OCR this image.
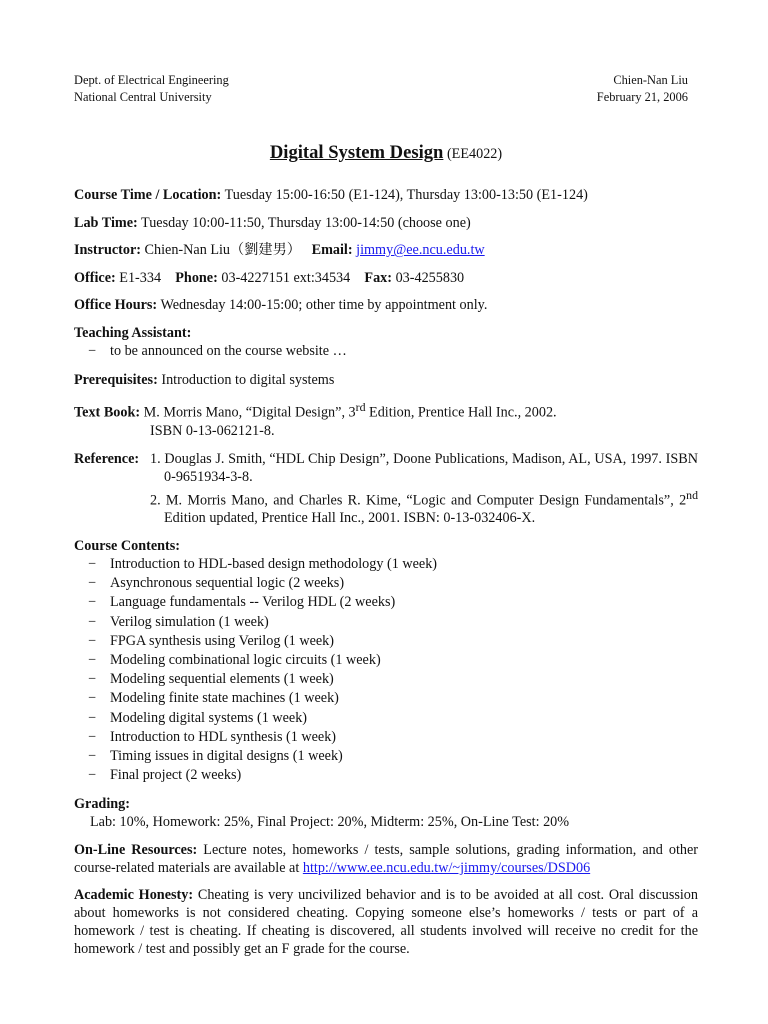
Dept. of Electrical Engineering
National Central University
Chien-Nan Liu
February 21, 2006
Digital System Design (EE4022)

Course Time / Location: Tuesday 15:00-16:50 (E1-124), Thursday 13:00-13:50 (E1-124)

Lab Time: Tuesday 10:00-11:50, Thursday 13:00-14:50 (choose one)

Instructor: Chien-Nan Liu（劉建男） Email: jimmy@ee.ncu.edu.tw

Office: E1-334 Phone: 03-4227151 ext:34534 Fax: 03-4255830

Office Hours: Wednesday 14:00-15:00; other time by appointment only.

Teaching Assistant:
− to be announced on the course website …

Prerequisites: Introduction to digital systems

Text Book: M. Morris Mano, “Digital Design”, 3rd Edition, Prentice Hall Inc., 2002.
ISBN 0-13-062121-8.
Reference: 1. Douglas J. Smith, “HDL Chip Design”, Doone Publications, Madison, AL, USA, 1997. ISBN 0-9651934-3-8.
2. M. Morris Mano, and Charles R. Kime, “Logic and Computer Design Fundamentals”, 2nd Edition updated, Prentice Hall Inc., 2001. ISBN: 0-13-032406-X.
Course Contents:
− Introduction to HDL-based design methodology (1 week)
− Asynchronous sequential logic (2 weeks)
− Language fundamentals -- Verilog HDL (2 weeks)
− Verilog simulation (1 week)
− FPGA synthesis using Verilog (1 week)
− Modeling combinational logic circuits (1 week)
− Modeling sequential elements (1 week)
− Modeling finite state machines (1 week)
− Modeling digital systems (1 week)
− Introduction to HDL synthesis (1 week)
− Timing issues in digital designs (1 week)
− Final project (2 weeks)
Grading:
Lab: 10%, Homework: 25%, Final Project: 20%, Midterm: 25%, On-Line Test: 20%

On-Line Resources: Lecture notes, homeworks / tests, sample solutions, grading information, and other course-related materials are available at http://www.ee.ncu.edu.tw/~jimmy/courses/DSD06

Academic Honesty: Cheating is very uncivilized behavior and is to be avoided at all cost. Oral discussion about homeworks is not considered cheating. Copying someone else’s homeworks / tests or part of a homework / test is cheating. If cheating is discovered, all students involved will receive no credit for the homework / test and possibly get an F grade for the course.
